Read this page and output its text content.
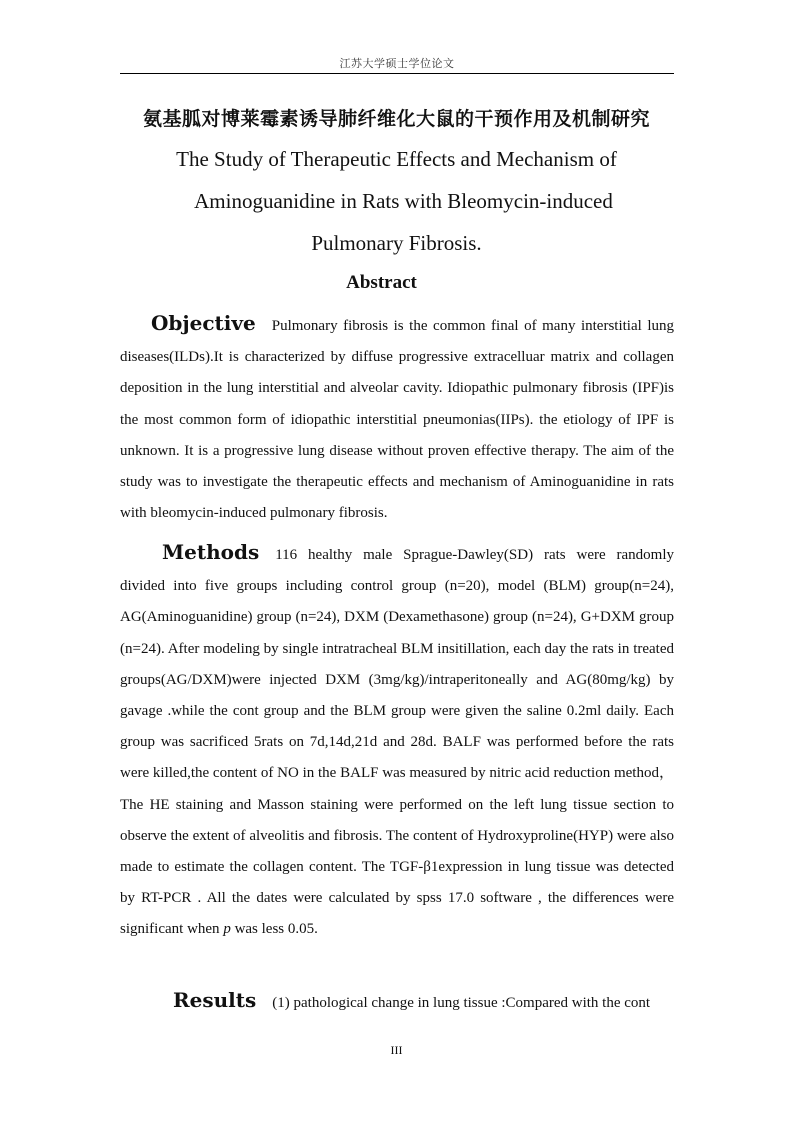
江苏大学硕士学位论文
氨基胍对博莱霉素诱导肺纤维化大鼠的干预作用及机制研究
The Study of Therapeutic Effects and Mechanism of
Aminoguanidine in Rats with Bleomycin-induced
Pulmonary Fibrosis.
Abstract

Objective Pulmonary fibrosis is the common final of many interstitial lung diseases(ILDs).It is characterized by diffuse progressive extracelluar matrix and collagen deposition in the lung interstitial and alveolar cavity. Idiopathic pulmonary fibrosis (IPF)is the most common form of idiopathic interstitial pneumonias(IIPs). the etiology of IPF is unknown. It is a progressive lung disease without proven effective therapy. The aim of the study was to investigate the therapeutic effects and mechanism of Aminoguanidine in rats with bleomycin-induced pulmonary fibrosis.

Methods 116 healthy male Sprague-Dawley(SD) rats were randomly divided into five groups including control group (n=20), model (BLM) group(n=24), AG(Aminoguanidine) group (n=24), DXM (Dexamethasone) group (n=24), G+DXM group (n=24). After modeling by single intratracheal BLM insitillation, each day the rats in treated groups(AG/DXM)were injected DXM (3mg/kg)/intraperitoneally and AG(80mg/kg) by gavage .while the cont group and the BLM group were given the saline 0.2ml daily. Each group was sacrificed 5rats on 7d,14d,21d and 28d. BALF was performed before the rats were killed,the content of NO in the BALF was measured by nitric acid reduction method，The HE staining and Masson staining were performed on the left lung tissue section to observe the extent of alveolitis and fibrosis. The content of Hydroxyproline(HYP) were also made to estimate the collagen content. The TGF-β1expression in lung tissue was detected by RT-PCR . All the dates were calculated by spss 17.0 software , the differences were significant when p was less 0.05.

Results (1) pathological change in lung tissue :Compared with the cont

III
